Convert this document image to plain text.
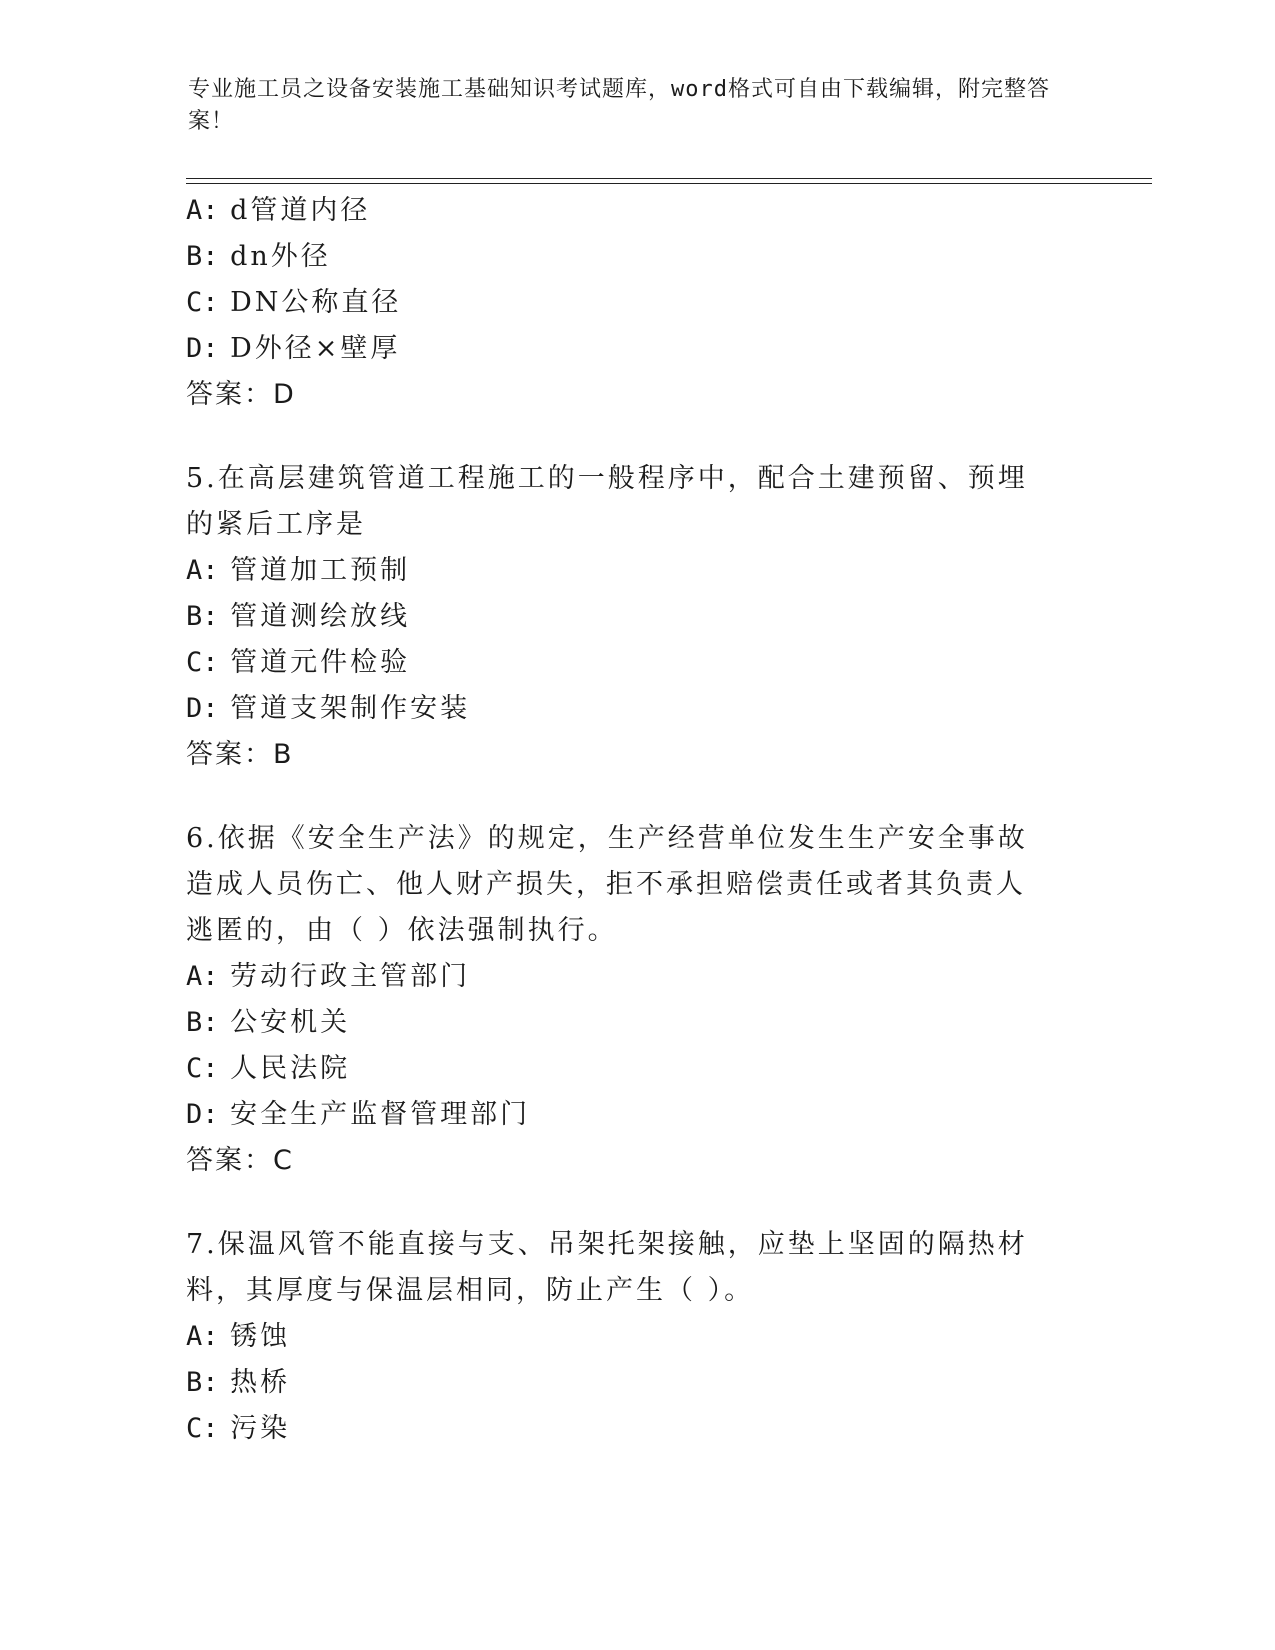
专业施工员之设备安装施工基础知识考试题库，word格式可自由下载编辑，附完整答案！
A: d管道内径
B: dn外径
C: DN公称直径
D: D外径×壁厚
答案：D
5.在高层建筑管道工程施工的一般程序中，配合土建预留、预埋的紧后工序是
A: 管道加工预制
B: 管道测绘放线
C: 管道元件检验
D: 管道支架制作安装
答案：B
6.依据《安全生产法》的规定，生产经营单位发生生产安全事故造成人员伤亡、他人财产损失，拒不承担赔偿责任或者其负责人逃匿的，由（ ）依法强制执行。
A: 劳动行政主管部门
B: 公安机关
C: 人民法院
D: 安全生产监督管理部门
答案：C
7.保温风管不能直接与支、吊架托架接触，应垫上坚固的隔热材料，其厚度与保温层相同，防止产生（ ）。
A: 锈蚀
B: 热桥
C: 污染
